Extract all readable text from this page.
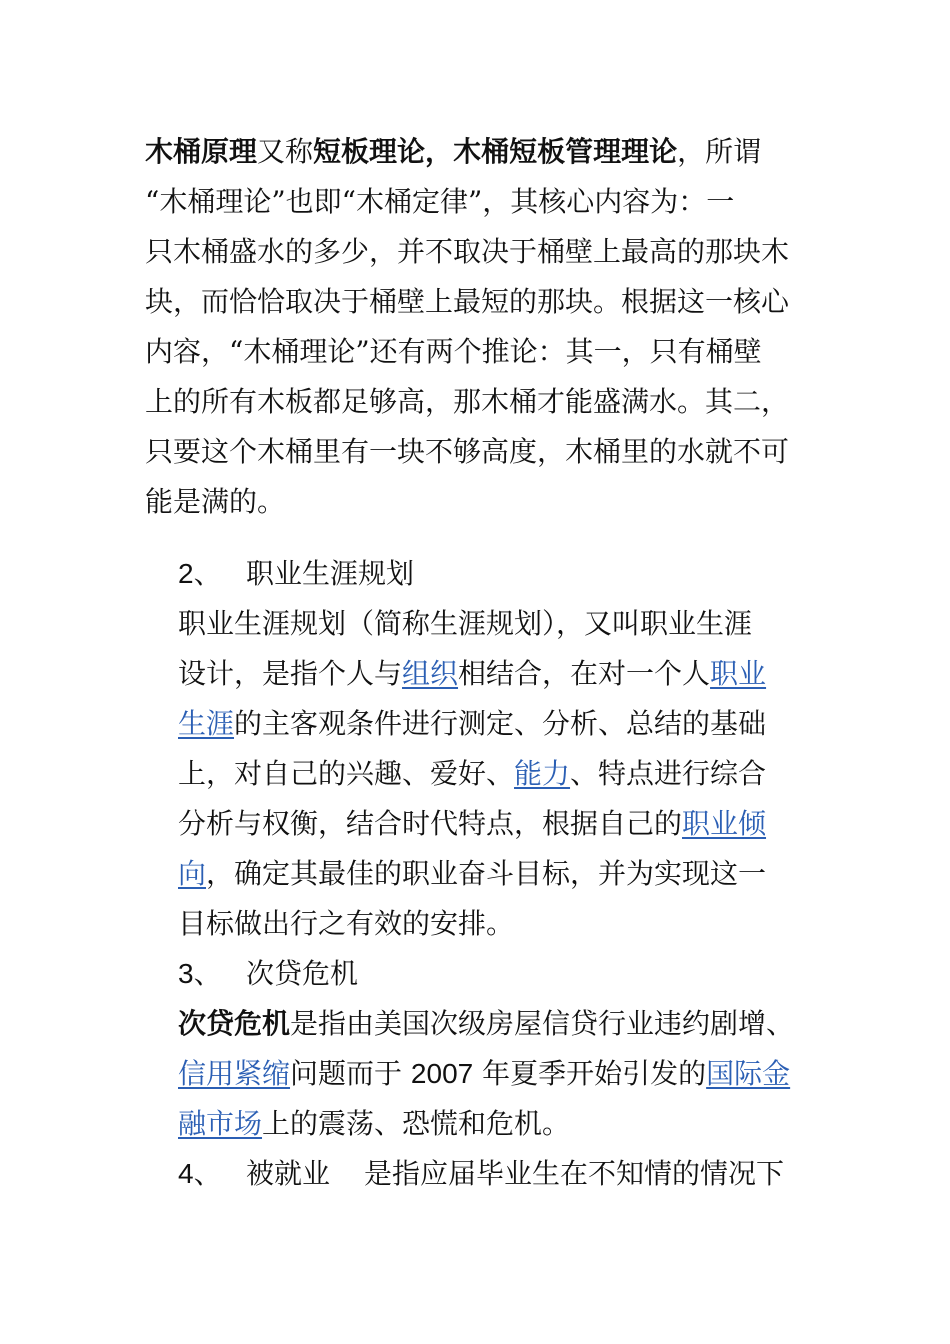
木桶原理又称短板理论，木桶短板管理理论，所谓
“木桶理论”也即“木桶定律”，其核心内容为：一
只木桶盛水的多少，并不取决于桶壁上最高的那块木
块，而恰恰取决于桶壁上最短的那块。根据这一核心
内容，“木桶理论”还有两个推论：其一，只有桶壁
上的所有木板都足够高，那木桶才能盛满水。其二，
只要这个木桶里有一块不够高度，木桶里的水就不可
能是满的。
2、 职业生涯规划
职业生涯规划（简称生涯规划），又叫职业生涯
设计，是指个人与组织相结合，在对一个人职业
生涯的主客观条件进行测定、分析、总结的基础
上，对自己的兴趣、爱好、能力、特点进行综合
分析与权衡，结合时代特点，根据自己的职业倾
向，确定其最佳的职业奋斗目标，并为实现这一
目标做出行之有效的安排。
3、 次贷危机
次贷危机是指由美国次级房屋信贷行业违约剧增、
信用紧缩问题而于 2007 年夏季开始引发的国际金
融市场上的震荡、恐慌和危机。
4、 被就业 是指应届毕业生在不知情的情况下
